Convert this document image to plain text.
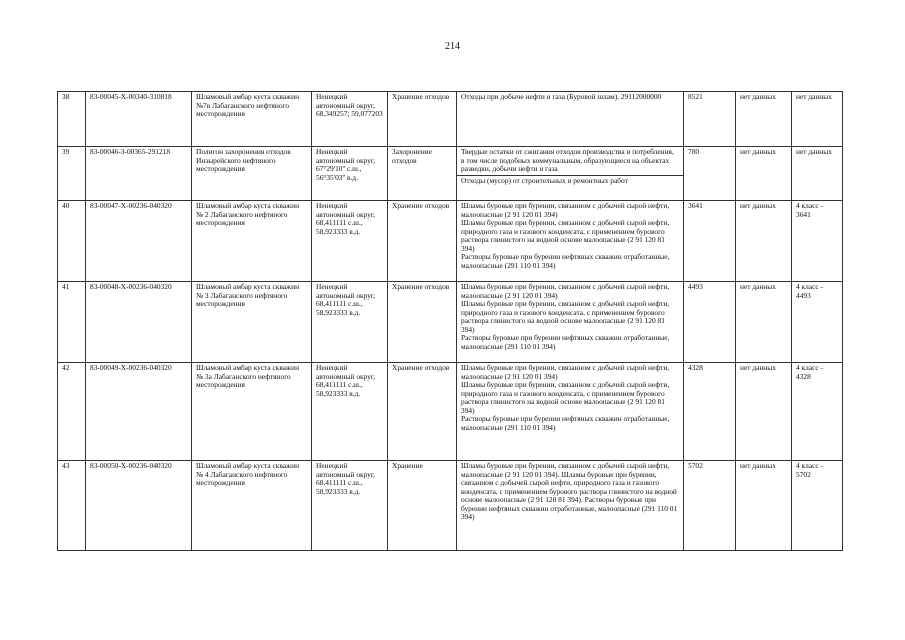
214
38	83-00045-Х-00340-310818	Шламовый амбар куста скважин №7в Лабаганского нефтяного месторождения	Ненецкий автономный округ, 68,349257; 59,077203	Хранение отходов	Отходы при добыче нефти и газа (Буровой шлам), 29112000000	8521	нет данных	нет данных
39	83-00046-З-00365-291218	Полигон захоронения отходов Инзырейского нефтяного месторождения	Ненецкий автономный округ, 67°29'10'' с.ш., 56°35'03'' в.д.	Захоронение отходов	Твердые остатки от сжигания отходов производства и потребления, в том числе подобных коммунальным, образующиеся на объектах разведки, добычи нефти и газа
Отходы (мусор) от строительных и ремонтных работ	780	нет данных	нет данных
40	83-00047-Х-00236-040320	Шламовый амбар куста скважин № 2 Лабаганского нефтяного месторождения	Ненецкий автономный округ, 68,411111 с.ш., 58,923333 в.д.	Хранение отходов	Шламы буровые при бурении, связанном с добычей сырой нефти, малоопасные (2 91 120 01 394)
Шламы буровые при бурении, связанном с добычей сырой нефти, природного газа и газового конденсата, с применением бурового раствора глинистого на водной основе малоопасные (2 91 120 81 394)
Растворы буровые при бурении нефтяных скважин отработанные, малоопасные (291 110 01 394)	3641	нет данных	4 класс - 3641
41	83-00048-Х-00236-040320	Шламовый амбар куста скважин № 3 Лабаганского нефтяного месторождения	Ненецкий автономный округ, 68,411111 с.ш., 58,923333 в.д.	Хранение отходов	Шламы буровые при бурении, связанном с добычей сырой нефти, малоопасные (2 91 120 01 394)
Шламы буровые при бурении, связанном с добычей сырой нефти, природного газа и газового конденсата, с применением бурового раствора глинистого на водной основе малоопасные (2 91 120 81 394)
Растворы буровые при бурении нефтяных скважин отработанные, малоопасные (291 110 01 394)	4493	нет данных	4 класс - 4493
42	83-00049-Х-00236-040320	Шламовый амбар куста скважин № 3а Лабаганского нефтяного месторождения	Ненецкий автономный округ, 68,411111 с.ш., 58,923333 в.д.	Хранение отходов	Шламы буровые при бурении, связанном с добычей сырой нефти, малоопасные (2 91 120 01 394)
Шламы буровые при бурении, связанном с добычей сырой нефти, природного газа и газового конденсата, с применением бурового раствора глинистого на водной основе малоопасные (2 91 120 81 394)
Растворы буровые при бурении нефтяных скважин отработанные, малоопасные (291 110 01 394)	4328	нет данных	4 класс - 4328
43	83-00050-Х-00236-040320	Шламовый амбар куста скважин № 4 Лабаганского нефтяного месторождения	Ненецкий автономный округ, 68,411111 с.ш., 58,923333 в.д.	Хранение	Шламы буровые при бурении, связанном с добычей сырой нефти, малоопасные (2 91 120 01 394). Шламы буровые при бурении, связанном с добычей сырой нефти, природного газа и газового конденсата, с применением бурового раствора глинистого на водной основе малоопасные (2 91 120 81 394). Растворы буровые при бурении нефтяных скважин отработанные, малоопасные (291 110 01 394)	5702	нет данных	4 класс - 5702
